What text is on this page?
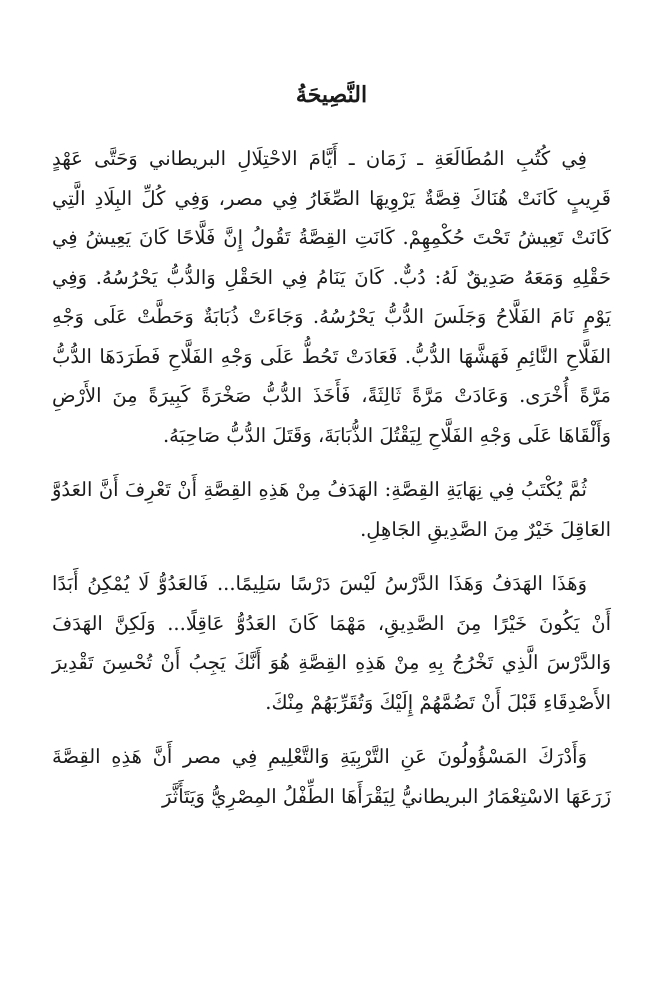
النَّصِيحَةُ

فِي كُتُبِ المُطَالَعَةِ ـ زَمَان ـ أَيَّامَ الاحْتِلَالِ البريطاني وَحَتَّى عَهْدٍ قَرِيبٍ كَانَتْ هُنَاكَ قِصَّةٌ يَرْوِيهَا الصِّغَارُ فِي مصر، وَفِي كُلِّ البِلَادِ الَّتِي كَانَتْ تَعِيشُ تَحْتَ حُكْمِهِمْ. كَانَتِ القِصَّةُ تَقُولُ إِنَّ فَلَّاحًا كَانَ يَعِيشُ فِي حَقْلِهِ وَمَعَهُ صَدِيقٌ لَهُ: دُبٌّ. كَانَ يَنَامُ فِي الحَقْلِ وَالدُّبُّ يَحْرُسُهُ. وَفِي يَوْمٍ نَامَ الفَلَّاحُ وَجَلَسَ الدُّبُّ يَحْرُسُهُ. وَجَاءَتْ ذُبَابَةٌ وَحَطَّتْ عَلَى وَجْهِ الفَلَّاحِ النَّائِمِ فَهَشَّهَا الدُّبُّ. فَعَادَتْ تَحُطُّ عَلَى وَجْهِ الفَلَّاحِ فَطَرَدَهَا الدُّبُّ مَرَّةً أُخْرَى. وَعَادَتْ مَرَّةً ثَالِثَةً، فَأَخَذَ الدُّبُّ صَخْرَةً كَبِيرَةً مِنَ الأَرْضِ وَأَلْقَاهَا عَلَى وَجْهِ الفَلَّاحِ لِيَقْتُلَ الذُّبَابَةَ، وَقَتَلَ الدُّبُّ صَاحِبَهُ.

ثُمَّ يُكْتَبُ فِي نِهَايَةِ القِصَّةِ: الهَدَفُ مِنْ هَذِهِ القِصَّةِ أَنْ تَعْرِفَ أَنَّ العَدُوَّ العَاقِلَ خَيْرٌ مِنَ الصَّدِيقِ الجَاهِلِ.

وَهَذَا الهَدَفُ وَهَذَا الدَّرْسُ لَيْسَ دَرْسًا سَلِيمًا... فَالعَدُوُّ لَا يُمْكِنُ أَبَدًا أَنْ يَكُونَ خَيْرًا مِنَ الصَّدِيقِ، مَهْمَا كَانَ العَدُوُّ عَاقِلًا... وَلَكِنَّ الهَدَفَ وَالدَّرْسَ الَّذِي تَخْرُجُ بِهِ مِنْ هَذِهِ القِصَّةِ هُوَ أَنَّكَ يَجِبُ أَنْ تُحْسِنَ تَقْدِيرَ الأَصْدِقَاءِ قَبْلَ أَنْ تَضُمَّهُمْ إِلَيْكَ وَتُقَرِّبَهُمْ مِنْكَ.

وَأَدْرَكَ المَسْؤُولُونَ عَنِ التَّرْبِيَةِ وَالتَّعْلِيمِ فِي مصر أَنَّ هَذِهِ القِصَّةَ زَرَعَهَا الاسْتِعْمَارُ البريطانيُّ لِيَقْرَأَهَا الطِّفْلُ المِصْرِيُّ وَيَتَأَثَّرَ
